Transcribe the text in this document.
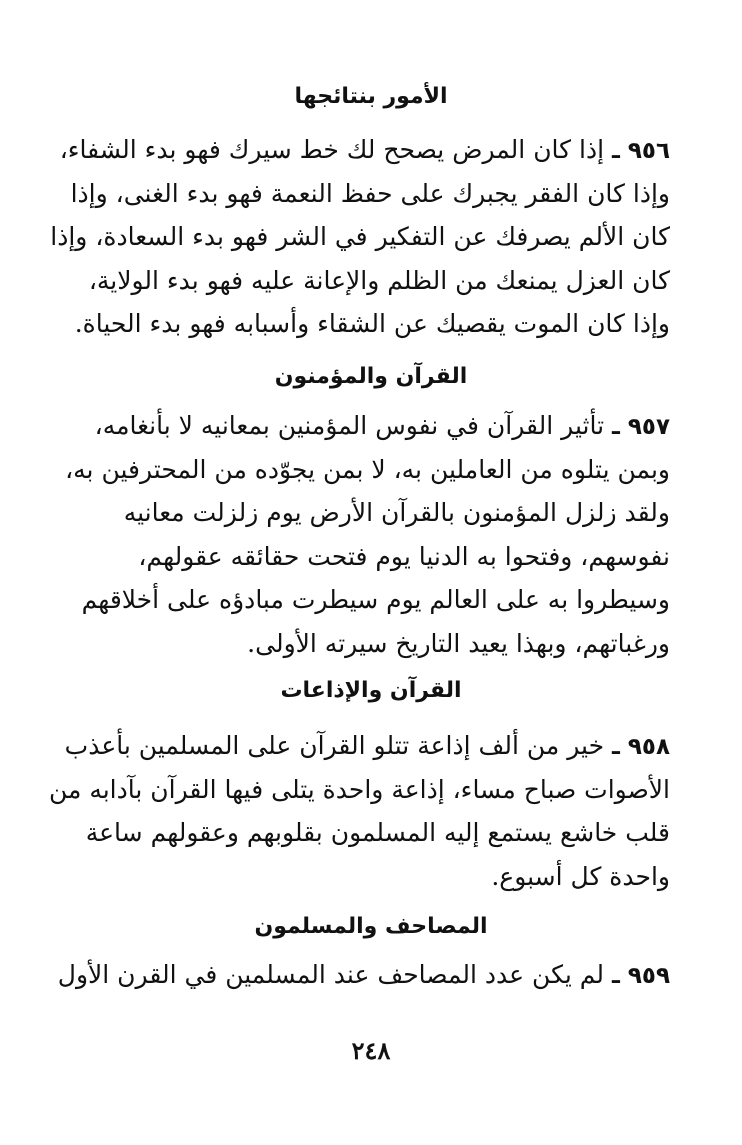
الأمور بنتائجها
٩٥٦ ـ إذا كان المرض يصحح لك خط سيرك فهو بدء الشفاء،
وإذا كان الفقر يجبرك على حفظ النعمة فهو بدء الغنى، وإذا
كان الألم يصرفك عن التفكير في الشر فهو بدء السعادة، وإذا
كان العزل يمنعك من الظلم والإعانة عليه فهو بدء الولاية،
وإذا كان الموت يقصيك عن الشقاء وأسبابه فهو بدء الحياة.
القرآن والمؤمنون
٩٥٧ ـ تأثير القرآن في نفوس المؤمنين بمعانيه لا بأنغامه،
وبمن يتلوه من العاملين به، لا بمن يجوّده من المحترفين به،
ولقد زلزل المؤمنون بالقرآن الأرض يوم زلزلت معانيه
نفوسهم، وفتحوا به الدنيا يوم فتحت حقائقه عقولهم،
وسيطروا به على العالم يوم سيطرت مبادؤه على أخلاقهم
ورغباتهم، وبهذا يعيد التاريخ سيرته الأولى.
القرآن والإذاعات
٩٥٨ ـ خير من ألف إذاعة تتلو القرآن على المسلمين بأعذب
الأصوات صباح مساء، إذاعة واحدة يتلى فيها القرآن بآدابه من
قلب خاشع يستمع إليه المسلمون بقلوبهم وعقولهم ساعة
واحدة كل أسبوع.
المصاحف والمسلمون
٩٥٩ ـ لم يكن عدد المصاحف عند المسلمين في القرن الأول
٢٤٨
